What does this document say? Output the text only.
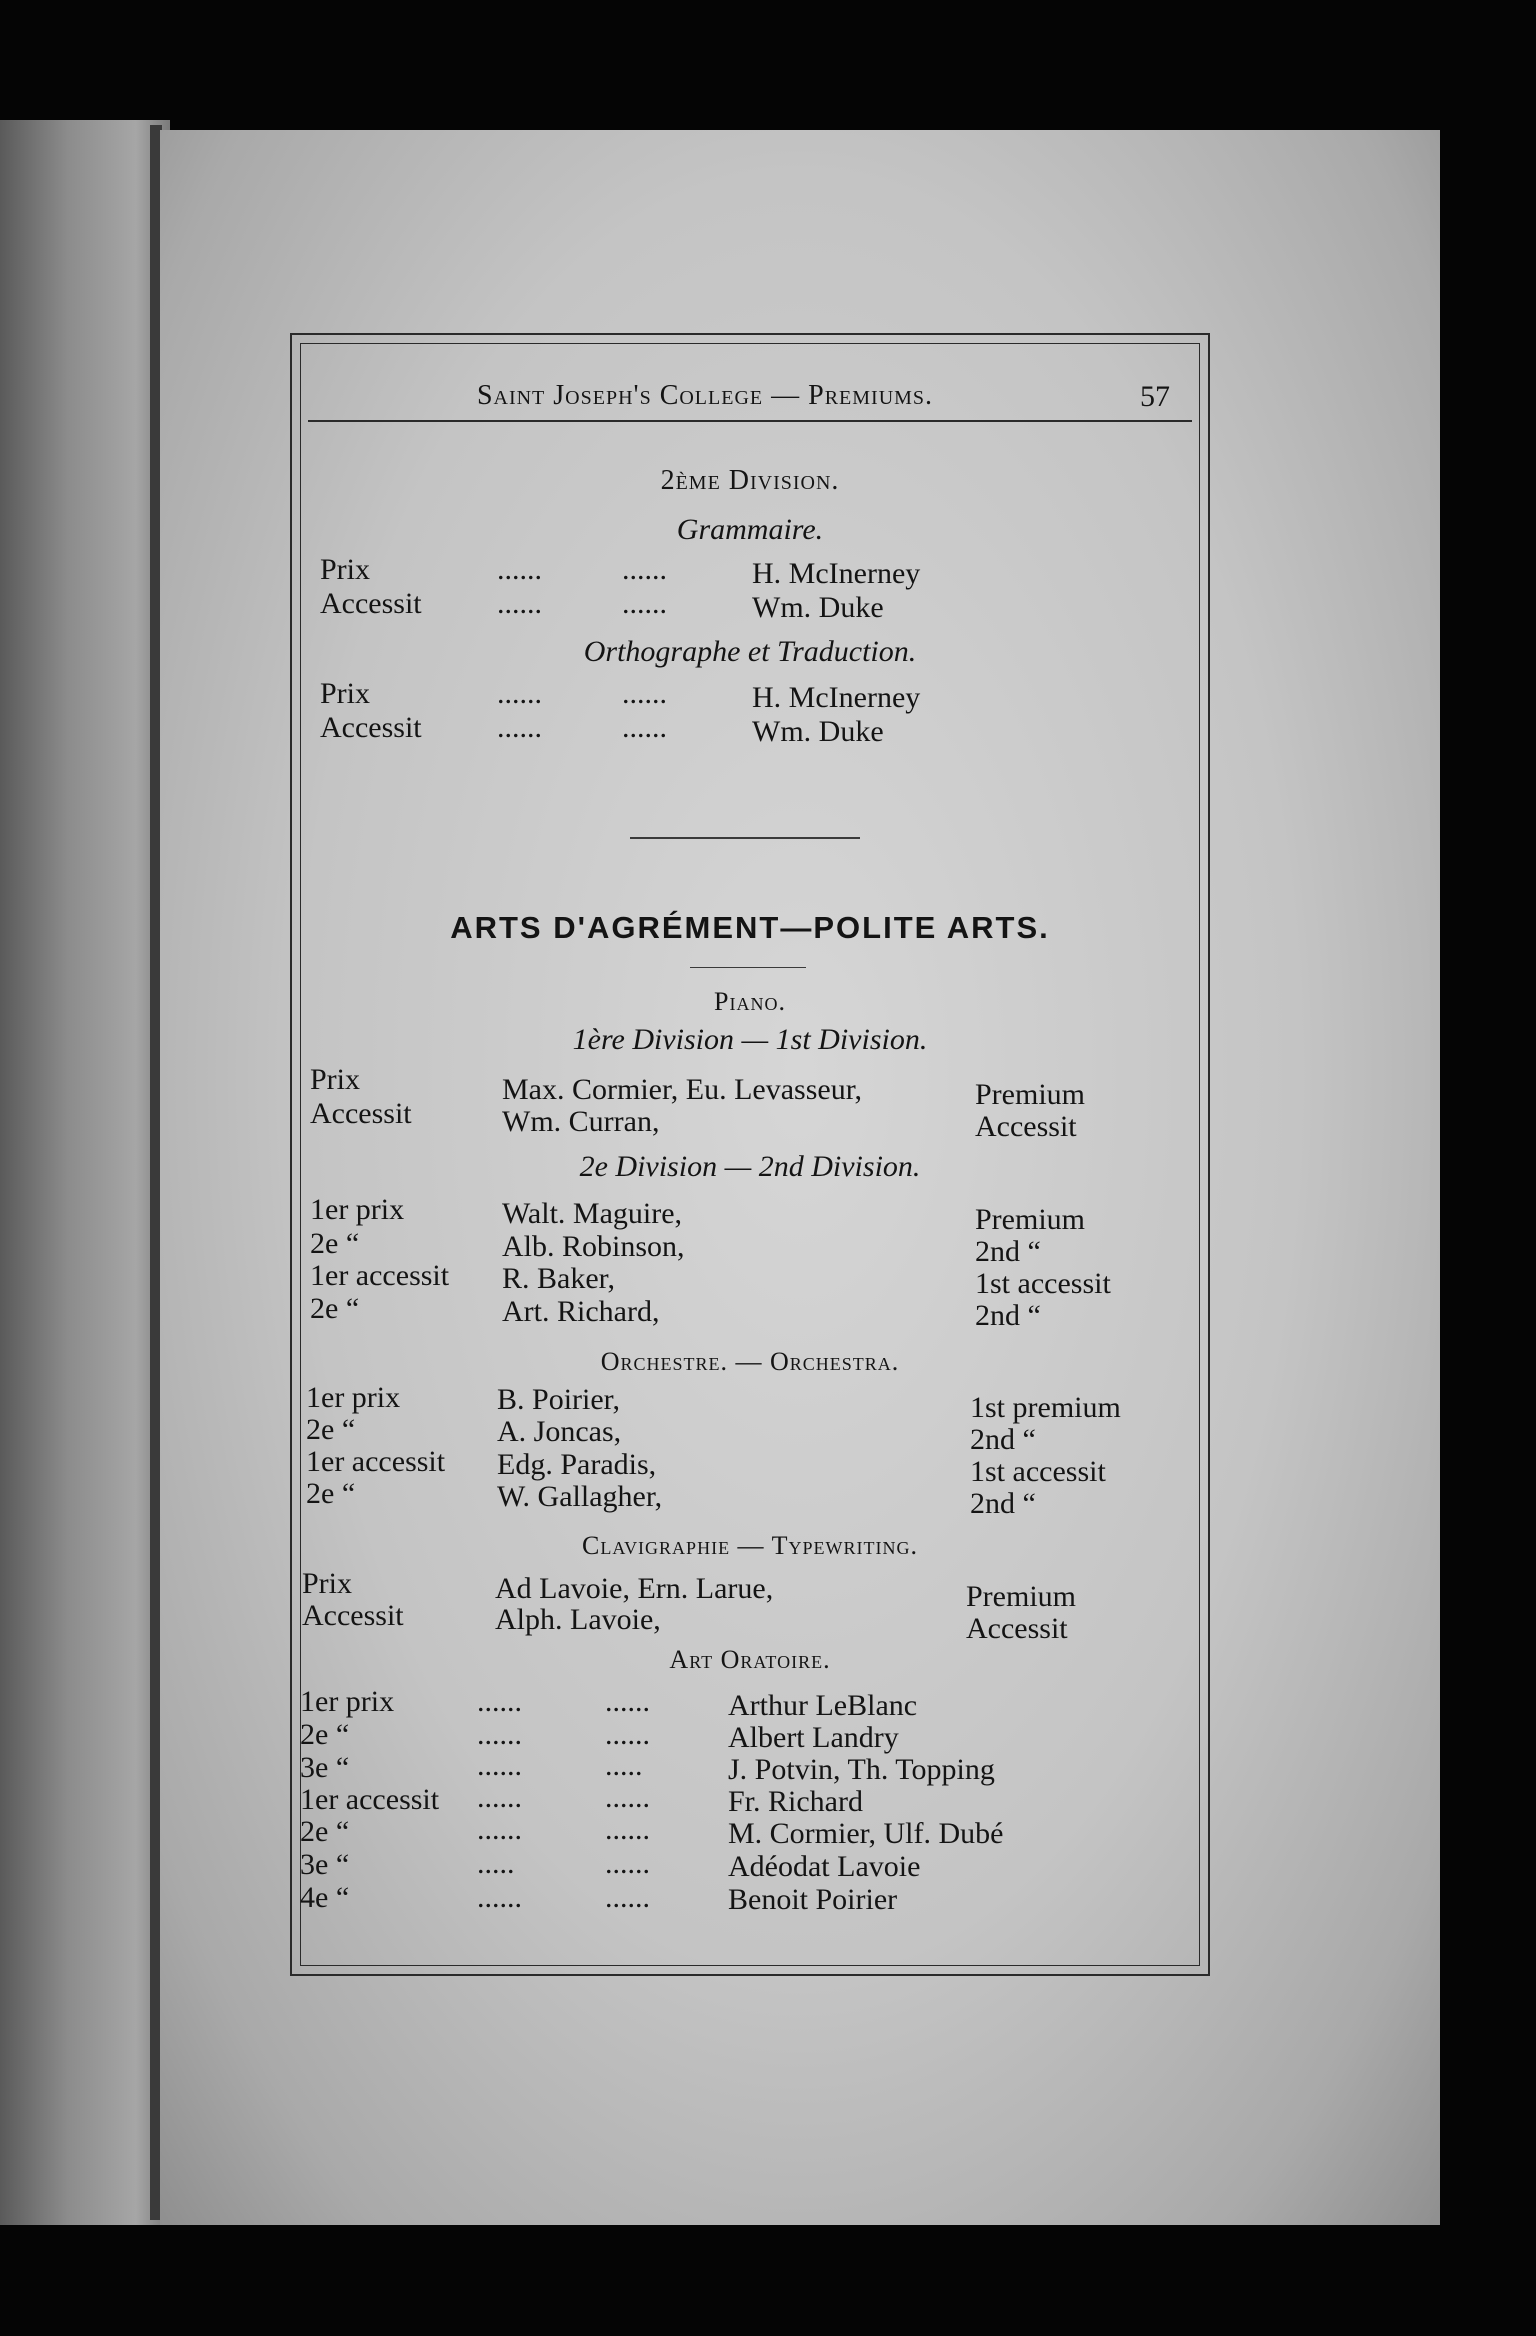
Saint Joseph's College — Premiums.	57
2ème Division.
Grammaire.
Prix	......	......	H. McInerney
Accessit	......	......	Wm. Duke
Orthographe et Traduction.
Prix	......	......	H. McInerney
Accessit	......	......	Wm. Duke
ARTS D'AGRÉMENT—POLITE ARTS.
Piano.
1ère Division — 1st Division.
Prix	Max. Cormier, Eu. Levasseur,	Premium
Accessit	Wm. Curran,	Accessit
2e Division — 2nd Division.
1er prix	Walt. Maguire,	Premium
2e “	Alb. Robinson,	2nd “
1er accessit R. Baker,	1st accessit
2e “	Art. Richard,	2nd “
Orchestre. — Orchestra.
1er prix	B. Poirier,	1st premium
2e “	A. Joncas,	2nd “
1er accessit Edg. Paradis,	1st accessit
2e “	W. Gallagher,	2nd “
Clavigraphie — Typewriting.
Prix	Ad Lavoie, Ern. Larue,	Premium
Accessit	Alph. Lavoie,	Accessit
Art Oratoire.
1er prix	......	......	Arthur LeBlanc
2e “	......	......	Albert Landry
3e “	......	.....	J. Potvin, Th. Topping
1er accessit ......	......	Fr. Richard
2e “	......	......	M. Cormier, Ulf. Dubé
3e “	.....	......	Adéodat Lavoie
4e “	......	......	Benoit Poirier
